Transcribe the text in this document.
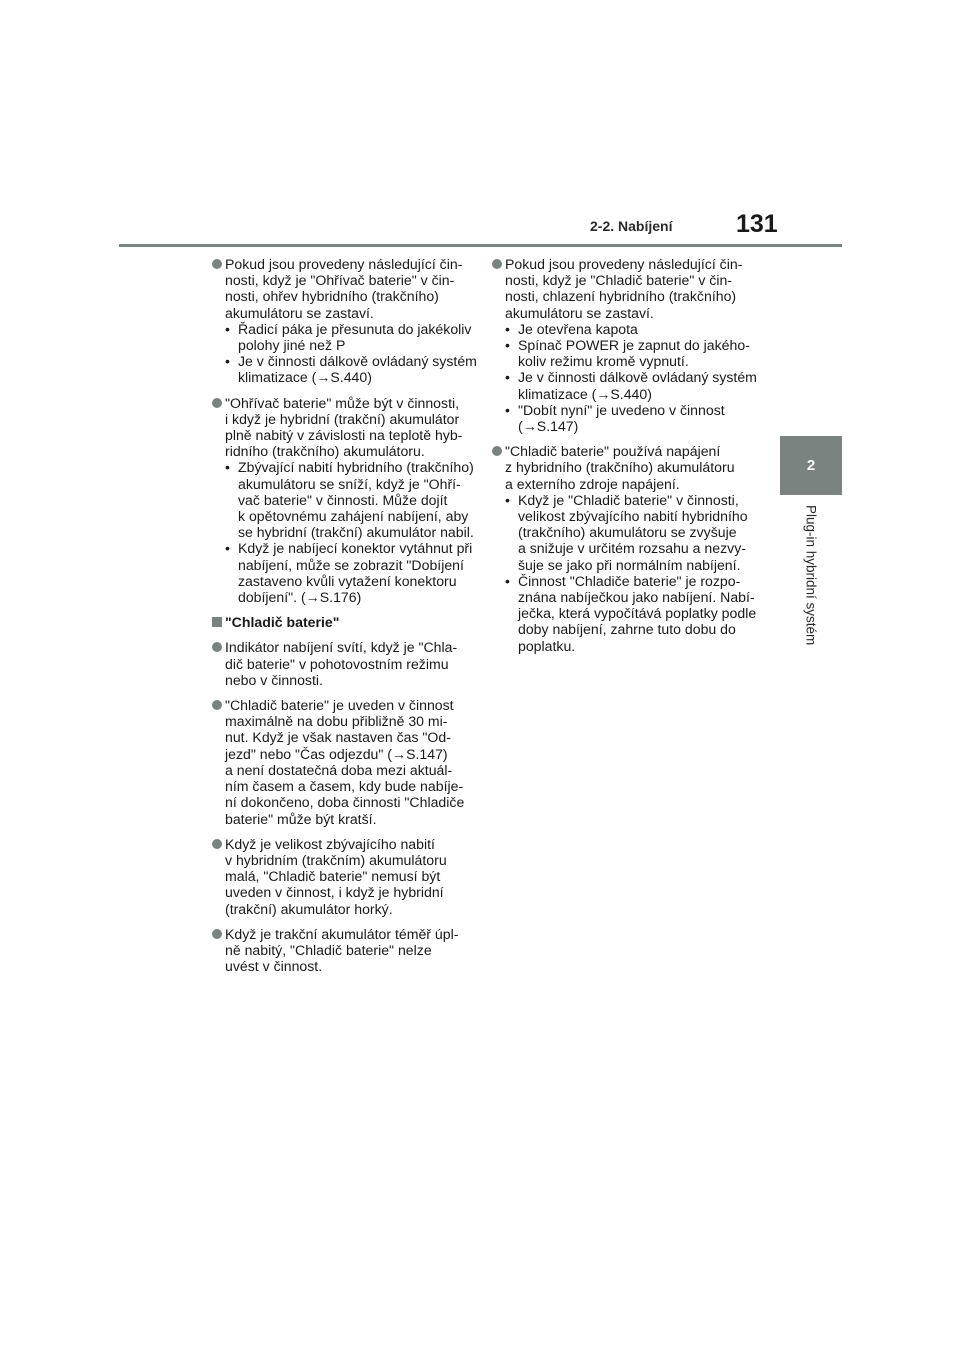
2-2. Nabíjení	131
2
Plug-in hybridní systém
Pokud jsou provedeny následující čin-
nosti, když je "Ohřívač baterie" v čin-
nosti, ohřev hybridního (trakčního)
akumulátoru se zastaví.
• Řadicí páka je přesunuta do jakékoliv
polohy jiné než P
• Je v činnosti dálkově ovládaný systém
klimatizace (→S.440)
"Ohřívač baterie" může být v činnosti,
i když je hybridní (trakční) akumulátor
plně nabitý v závislosti na teplotě hyb-
ridního (trakčního) akumulátoru.
• Zbývající nabití hybridního (trakčního)
akumulátoru se sníží, když je "Ohří-
vač baterie" v činnosti. Může dojít
k opětovnému zahájení nabíjení, aby
se hybridní (trakční) akumulátor nabil.
• Když je nabíjecí konektor vytáhnut při
nabíjení, může se zobrazit "Dobíjení
zastaveno kvůli vytažení konektoru
dobíjení". (→S.176)
"Chladič baterie"
Indikátor nabíjení svítí, když je "Chla-
dič baterie" v pohotovostním režimu
nebo v činnosti.
"Chladič baterie" je uveden v činnost
maximálně na dobu přibližně 30 mi-
nut. Když je však nastaven čas "Od-
jezd" nebo "Čas odjezdu" (→S.147)
a není dostatečná doba mezi aktuál-
ním časem a časem, kdy bude nabíje-
ní dokončeno, doba činnosti "Chladiče
baterie" může být kratší.
Když je velikost zbývajícího nabití
v hybridním (trakčním) akumulátoru
malá, "Chladič baterie" nemusí být
uveden v činnost, i když je hybridní
(trakční) akumulátor horký.
Když je trakční akumulátor téměř úpl-
ně nabitý, "Chladič baterie" nelze
uvést v činnost.
Pokud jsou provedeny následující čin-
nosti, když je "Chladič baterie" v čin-
nosti, chlazení hybridního (trakčního)
akumulátoru se zastaví.
• Je otevřena kapota
• Spínač POWER je zapnut do jakého-
koliv režimu kromě vypnutí.
• Je v činnosti dálkově ovládaný systém
klimatizace (→S.440)
• "Dobít nyní" je uvedeno v činnost
(→S.147)
"Chladič baterie" používá napájení
z hybridního (trakčního) akumulátoru
a externího zdroje napájení.
• Když je "Chladič baterie" v činnosti,
velikost zbývajícího nabití hybridního
(trakčního) akumulátoru se zvyšuje
a snižuje v určitém rozsahu a nezvy-
šuje se jako při normálním nabíjení.
• Činnost "Chladiče baterie" je rozpo-
znána nabíječkou jako nabíjení. Nabí-
ječka, která vypočítává poplatky podle
doby nabíjení, zahrne tuto dobu do
poplatku.
